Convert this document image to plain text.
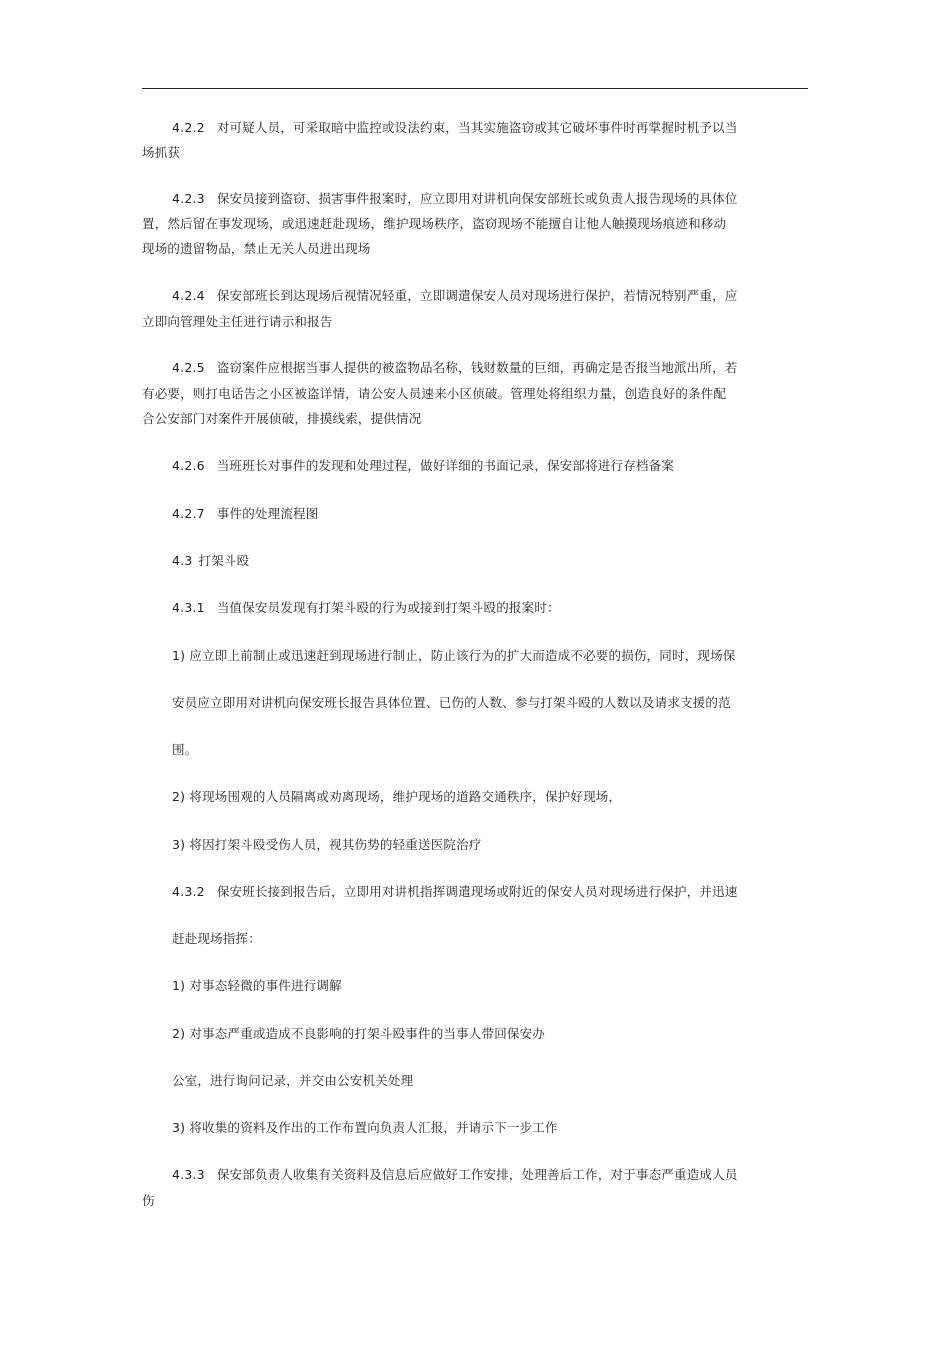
4.2.2 对可疑人员，可采取暗中监控或设法约束，当其实施盗窃或其它破坏事件时再掌握时机予以当
场抓获
4.2.3 保安员接到盗窃、损害事件报案时，应立即用对讲机向保安部班长或负责人报告现场的具体位
置，然后留在事发现场，或迅速赶赴现场，维护现场秩序，盗窃现场不能擅自让他人触摸现场痕迹和移动
现场的遗留物品，禁止无关人员进出现场
4.2.4 保安部班长到达现场后视情况轻重，立即调遣保安人员对现场进行保护，若情况特别严重，应
立即向管理处主任进行请示和报告
4.2.5 盗窃案件应根据当事人提供的被盗物品名称，钱财数量的巨细，再确定是否报当地派出所，若
有必要，则打电话告之小区被盗详情，请公安人员速来小区侦破。管理处将组织力量，创造良好的条件配
合公安部门对案件开展侦破，排摸线索，提供情况
4.2.6 当班班长对事件的发现和处理过程，做好详细的书面记录，保安部将进行存档备案
4.2.7 事件的处理流程图
4.3 打架斗殴
4.3.1 当值保安员发现有打架斗殴的行为或接到打架斗殴的报案时：
1) 应立即上前制止或迅速赶到现场进行制止，防止该行为的扩大而造成不必要的损伤，同时，现场保
安员应立即用对讲机向保安班长报告具体位置、已伤的人数、参与打架斗殴的人数以及请求支援的范
围。
2) 将现场围观的人员隔离或劝离现场，维护现场的道路交通秩序，保护好现场，
3) 将因打架斗殴受伤人员，视其伤势的轻重送医院治疗
4.3.2 保安班长接到报告后，立即用对讲机指挥调遣现场或附近的保安人员对现场进行保护，并迅速
赶赴现场指挥：
1) 对事态轻微的事件进行调解
2) 对事态严重或造成不良影响的打架斗殴事件的当事人带回保安办
公室，进行询问记录，并交由公安机关处理
3) 将收集的资料及作出的工作布置向负责人汇报，并请示下一步工作
4.3.3 保安部负责人收集有关资料及信息后应做好工作安排，处理善后工作，对于事态严重造成人员
伤
